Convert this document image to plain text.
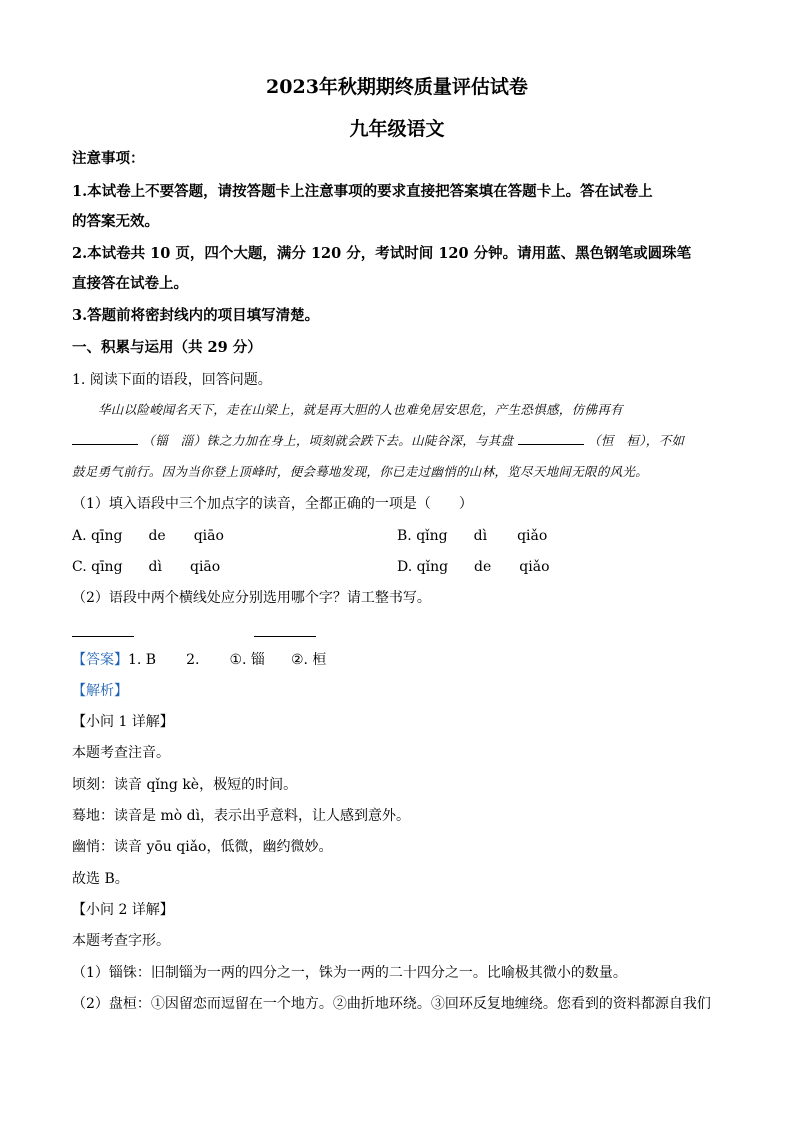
2023年秋期期终质量评估试卷
九年级语文
注意事项：
1.本试卷上不要答题，请按答题卡上注意事项的要求直接把答案填在答题卡上。答在试卷上
的答案无效。
2.本试卷共 10 页，四个大题，满分 120 分，考试时间 120 分钟。请用蓝、黑色钢笔或圆珠笔
直接答在试卷上。
3.答题前将密封线内的项目填写清楚。
一、积累与运用（共 29 分）
1. 阅读下面的语段，回答问题。
华山以险峻闻名天下，走在山梁上，就是再大胆的人也难免居安思危，产生恐惧感，仿佛再有
（锱　淄）铢之力加在身上，顷刻就会跌下去。山陡谷深，与其盘	（恒　桓），不如
鼓足勇气前行。因为当你登上顶峰时，便会蓦地发现，你已走过幽悄的山林，览尽天地间无限的风光。
（1）填入语段中三个加点字的读音，全都正确的一项是（　　）
A. qīng de qiāo	B. qǐng dì qiǎo
C. qīng dì qiāo	D. qǐng de qiǎo
（2）语段中两个横线处应分别选用哪个字？请工整书写。
【答案】1. B 2. ①. 锱 ②. 桓
【解析】
【小问 1 详解】
本题考查注音。
顷刻：读音 qǐng kè，极短的时间。
蓦地：读音是 mò dì，表示出乎意料，让人感到意外。
幽悄：读音 yōu qiǎo，低微，幽约微妙。
故选 B。
【小问 2 详解】
本题考查字形。
（1）锱铢：旧制锱为一两的四分之一，铢为一两的二十四分之一。比喻极其微小的数量。
（2）盘桓：①因留恋而逗留在一个地方。②曲折地环绕。③回环反复地缠绕。您看到的资料都源自我们
